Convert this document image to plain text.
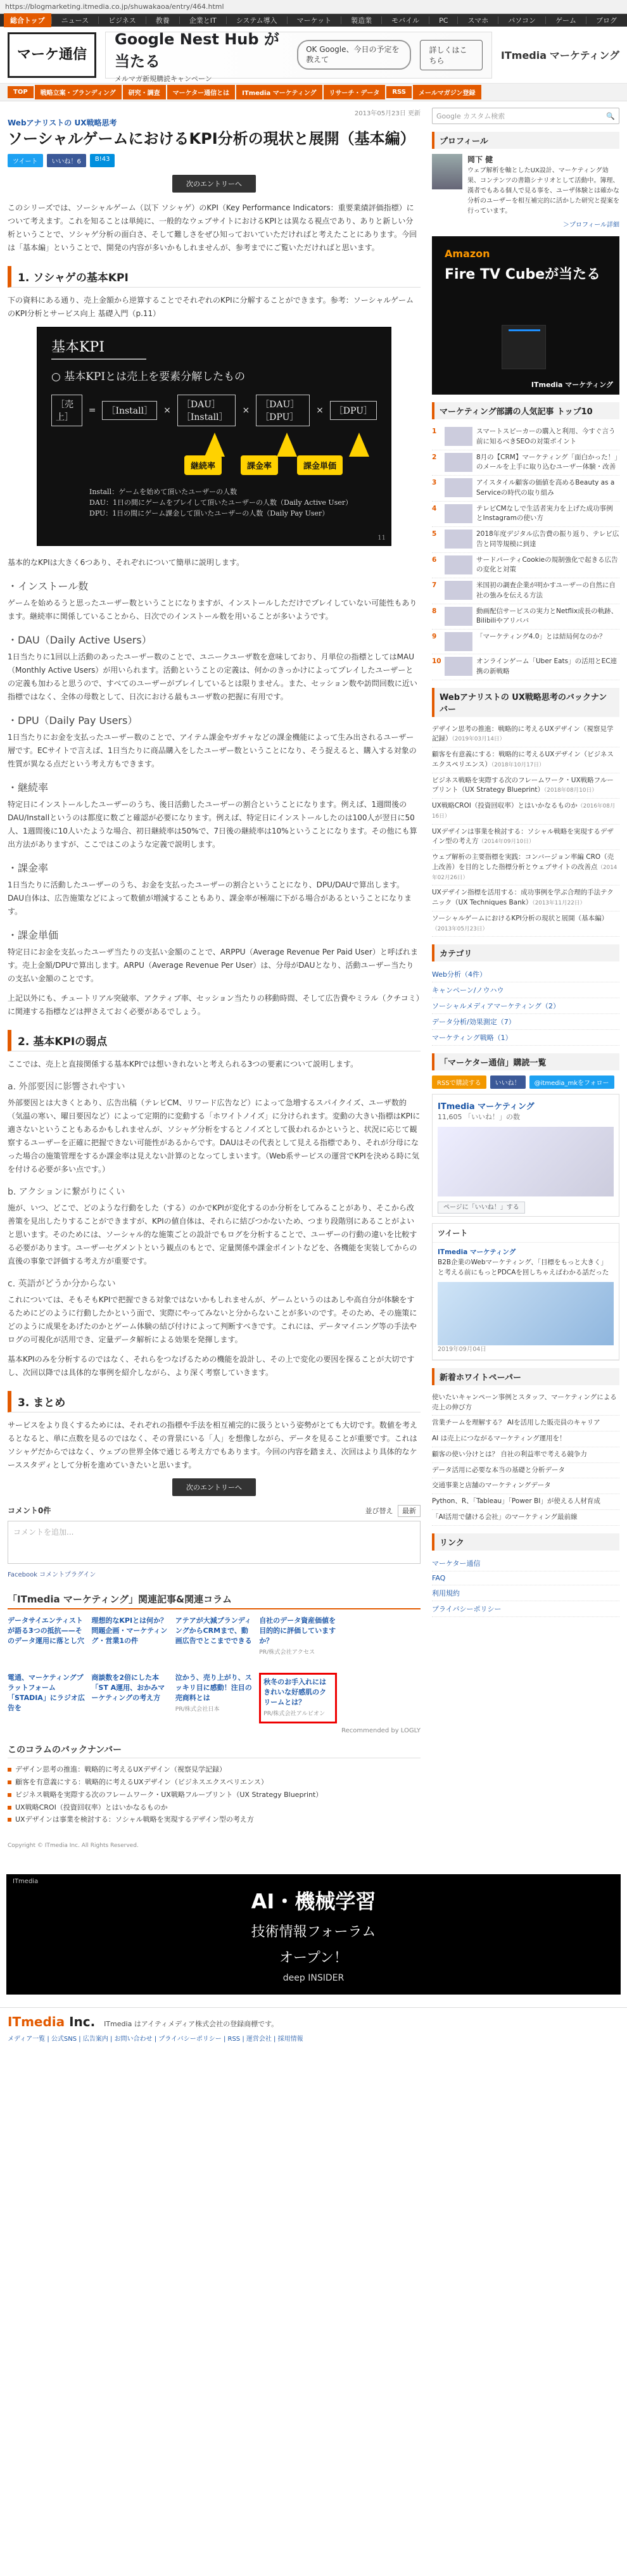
https://blogmarketing.itmedia.co.jp/shuwakaoa/entry/464.html
総合トップ	ニュース	ビジネス	教養	企業とIT	システム導入	マーケット	製造業	モバイル	PC	スマホ	パソコン	ゲーム	ブログ
マーケ通信
Google Nest Hub が当たる
メルマガ新規購読キャンペーン
OK Google、今日の予定を教えて
詳しくはこちら	ITmedia マーケティング
TOP	戦略立案・ブランディング	研究・調査	マーケター通信とは	ITmedia マーケティング	リサーチ・データ	RSS	メールマガジン登録
2013年05月23日 更新
Webアナリストの UX戦略思考
ソーシャルゲームにおけるKPI分析の現状と展開（基本編）
ツイート	いいね！6	B!43
次のエントリーへ

このシリーズでは、ソーシャルゲーム（以下 ソシャゲ）のKPI（Key Performance Indicators：重要業績評価指標）について考えます。これを知ることは単純に、一般的なウェブサイトにおけるKPIとは異なる視点であり、ありと新しい分析ということで、ソシャゲ分析の面白さ、そして難しさをぜひ知っておいていただければと考えたことにあります。今回は「基本編」ということで、開発の内容が多いかもしれませんが、参考までにご覧いただければと思います。

1. ソシャゲの基本KPI

下の資料にある通り、売上金額から逆算することでそれぞれのKPIに分解することができます。参考：ソーシャルゲームのKPI分析とサービス向上 基礎入門（p.11）

基本KPI
○ 基本KPIとは売上を要素分解したもの
［売上］
=	［Install］	×
［DAU］［Install］
×
［DAU］［DPU］
×	［DPU］
継続率	課金率	課金単価
Install：ゲームを始めて頂いたユーザーの人数
DAU：1日の間にゲームをプレイして頂いたユーザーの人数（Daily Active User）
DPU：1日の間にゲーム課金して頂いたユーザーの人数（Daily Pay User）
11

基本的なKPIは大きく6つあり、それぞれについて簡単に説明します。

・インストール数

ゲームを始めるうと思ったユーザー数ということになりますが、インストールしただけでプレイしていない可能性もあります。継続率に関係していることから、日次でのインストール数を用いることが多いようです。

・DAU（Daily Active Users）

1日当たりに1回以上活動のあったユーザー数のことで、ユニークユーザ数を意味しており、月単位の指標としてはMAU（Monthly Active Users）が用いられます。活動ということの定義は、何かのきっかけによってプレイしたユーザーとの定義も加わると思うので、すべてのユーザーがプレイしているとは限りません。また、セッション数や訪問回数に近い指標ではなく、全体の母数として、日次における最もユーザ数の把握に有用です。

・DPU（Daily Pay Users）

1日当たりにお金を支払ったユーザー数のことで、アイテム課金やガチャなどの課金機能によって生み出されるユーザー層です。ECサイトで言えば、1日当たりに商品購入をしたユーザー数ということになり、そう捉えると、購入する対象の性質が異なる点だという考え方もできます。

・継続率

特定日にインストールしたユーザーのうち、後日活動したユーザーの割合ということになります。例えば、1週間後のDAU/Installというのは都度に数ごと確認が必要になります。例えば、特定日にインストールしたのは100人が翌日に50人、1週間後に10人いたような場合、初日継続率は50%で、7日後の継続率は10%ということになります。その他にも算出方法がありますが、ここではこのような定義で説明します。

・課金率

1日当たりに活動したユーザーのうち、お金を支払ったユーザーの割合ということになり、DPU/DAUで算出します。DAU自体は、広告施策などによって数値が増減することもあり、課金率が極端に下がる場合があるということになります。

・課金単価

特定日にお金を支払ったユーザ当たりの支払い金額のことで、ARPPU（Average Revenue Per Paid User）と呼ばれます。売上金額/DPUで算出します。ARPU（Average Revenue Per User）は、分母がDAUとなり、活動ユーザー当たりの支払い金額のことです。

上記以外にも、チュートリアル突破率、アクティブ率、セッション当たりの移動時間、そして広告費やミラル（クチコミ）に関連する指標などは押さえておく必要があるでしょう。

2. 基本KPIの弱点

ここでは、売上と直接関係する基本KPIでは想いきれないと考えられる3つの要素について説明します。

a. 外部要因に影響されやすい

外部要因とは大きくとあり、広告出稿（テレビCM、リワード広告など）によって急増するスパイクイズ、ユーザ数的（気温の寒い、曜日要因など）によって定期的に変動する「ホワイトノイズ」に分けられます。変動の大きい指標はKPIに適さないということもあるかもしれませんが、ソシャゲ分析をするとノイズとして扱われるかというと、状況に応じて観察するユーザーを正確に把握できない可能性があるからです。DAUはその代表として見える指標であり、それが分母になった場合の施策管理をするか課金率は見えない計算のとなってしまいます。（Web系サービスの運営でKPIを決める時に気を付ける必要が多い点です。）

b. アクションに繋がりにくい

施が、いつ、どこで、どのような行動をした（する）のかでKPIが変化するのか分析をしてみることがあり、そこから改善策を見出したりすることができますが、KPIの値自体は、それらに結びつかないため、つまり段階別にあることがよいと思います。そのためには、ソーシャル的な施策ごとの設計でもログを分析することで、ユーザーの行動の違いを比較する必要があります。ユーザーセグメントという観点のもとで、定量関係や課金ポイントなどを、各機能を実装してからの直後の事象で評価する考え方が重要です。

c. 英語がどうか分からない

これについては、そもそもKPIで把握できる対象ではないかもしれませんが、ゲームというのはあしや高自分が体験をするためにどのように行動したかという面で、実際にやってみないと分からないことが多いのです。そのため、その施策にどのように成果をあげたのかとゲーム体験の結び付けによって判断すべきです。これには、データマイニング等の手法やログの可視化が活用でき、定量データ解析による効果を発揮します。

基本KPIのみを分析するのではなく、それらをつなげるための機能を設計し、その上で変化の要因を探ることが大切ですし、次回以降では具体的な事例を紹介しながら、より深く考察していきます。

3. まとめ

サービスをより良くするためには、それぞれの指標や手法を相互補完的に扱うという姿勢がとても大切です。数値を考えるとなると、単に点数を見るのではなく、その背景にいる「人」を想像しながら、データを見ることが重要です。これはソシャゲだからではなく、ウェブの世界全体で通じる考え方でもあります。今回の内容を踏まえ、次回はより具体的なケーススタディとして分析を進めていきたいと思います。

次のエントリーへ
コメント0件	並び替え 最新
コメントを追加...
Facebook コメントプラグイン
「ITmedia マーケティング」関連記事&関連コラム
データサイエンティストが語る3つの抵抗——そのデータ運用に落とし穴
理想的なKPIとは何か？ 問題企画・マーケティング・営業1の件
アテアが大減プランディングからCRMまで、動画広告でとこまでできる
自社のデータ資産価値を目的的に評価していますか？
PR/株式会社アクセス
電通、マーケティングプラットフォーム「STADIA」にラジオ広告を
商談数を2倍にした本「ST A運用、おかみマーケティングの考え方
泣かう、売り上がり、スッキリ目に感動！注目の売商料とは
PR/株式会社日本
秋冬のお手入れにはきれいな好感肌のクリームとは？
PR/株式会社アルビオン
Recommended by LOGLY
このコラムのバックナンバー
デザイン思考の推進：戦略的に考えるUXデザイン（視察見学記録）
顧客を有意義にする：戦略的に考えるUXデザイン（ビジネスエクスペリエンス）
ビジネス戦略を実際する次のフレームワーク・UX戦略フループリント（UX Strategy Blueprint）
UX戦略CROI（投資回収率）とはいかなるものか
UXデザインは事業を検討する：ソシャル戦略を実現するデザイン型の考え方
Copyright © ITmedia Inc. All Rights Reserved.
Google カスタム検索	🔍
プロフィール
岡下 健
ウェブ解析を軸としたUX設計、マーケティング効果、コンテンツの書籍シナリオとして活動中。簿理、漢者でもある個人で見る事を、ユーザ体験とは確かな分析のユーザーを相互補完的に活かした研究と提案を行っています。
＞プロフィール詳細
Amazon
Fire TV Cubeが当たる
ITmedia マーケティング
マーケティング部講の人気記事 トップ10
1	スマートスピーカーの購入と利用、今すぐ言う前に知るべきSEOの対策ポイント
2	8月の【CRM】マーケティング「面白かった！」のメールを上手に取り込むユーザー体験・改善
3	アイスタイル顧客の価値を高めるBeauty as a Serviceの時代の取り組み
4	テレビCMなしで生活者実力を上げた成功事例とInstagramの使い方
5	2018年度デジタル広告費の振り返り、テレビ広告と同等規模に到達
6	サードパーティCookieの規制強化で起きる広告の変化と対策
7	米国初の調査企業が明かすユーザーの自然に自社の強みを伝える方法
8	動画配信サービスの実力とNetflix成長の軌跡、Bilibiliやアリババ
9	「マーケティング4.0」とは結局何なのか？
10	オンラインゲーム「Uber Eats」の活用とEC連携の新戦略
Webアナリストの UX戦略思考のバックナンバー
デザイン思考の推進：戦略的に考えるUXデザイン（視察見学記録）（2019年03月14日）
顧客を有意義にする：戦略的に考えるUXデザイン（ビジネスエクスペリエンス）（2018年10月17日）
ビジネス戦略を実際する次のフレームワーク・UX戦略フループリント（UX Strategy Blueprint）（2018年08月10日）
UX戦略CROI（投資回収率）とはいかなるものか（2016年08月16日）
UXデザインは事業を検討する：ソシャル戦略を実現するデザイン型の考え方（2014年09月10日）
ウェブ解析の主要指標を実践：コンバージョン率編 CRO（売上改善）を目的とした指標分析とウェブサイトの改善点（2014年02月26日）
UXデザイン指標を活用する：成功事例を学ぶ合理的手法テクニック（UX Techniques Bank）（2013年11月22日）
ソーシャルゲームにおけるKPI分析の現状と展開（基本編）（2013年05月23日）
カテゴリ
Web分析（4件）
キャンペーン/ノウハウ
ソーシャルメディアマーケティング（2）
データ分析/効果測定（7）
マーケティング戦略（1）
「マーケター通信」購読一覧
RSSで購読する	いいね！	@itmedia_mkをフォロー
ITmedia マーケティング
11,605 「いいね！」の数
ページに「いいね！」する
ツイート
ITmedia マーケティング
B2B企業のWebマーケティング、「目標をもっと大きく」と考える前にもっとPDCAを回しちゃえばわかる話だった
2019年09月04日
新着ホワイトペーパー
使いたいキャンペーン事例とスタッフ、マーケティングによる売上の伸び方
営業チームを理解する？ AIを活用した販売員のキャリア
AI は売上につながるマーケティング運用を！
顧客の使い分けとは？ 自社の利益率で考える競争力
データ活用に必要な本当の基礎と分析データ
交通事業と店舗のマーケティングデータ
Python、R、「Tableau」「Power BI」が使える人材育成
「AI活用で儲ける会社」のマーケティング最前線
リンク
マーケター通信
FAQ
利用規約
プライバシーポリシー
ITmedia
AI・機械学習
技術情報フォーラム
オープン！
deep INSIDER
ITmedia Inc. ITmedia はアイティメディア株式会社の登録商標です。
メディア一覧 | 公式SNS | 広告案内 | お問い合わせ | プライバシーポリシー | RSS | 運営会社 | 採用情報
